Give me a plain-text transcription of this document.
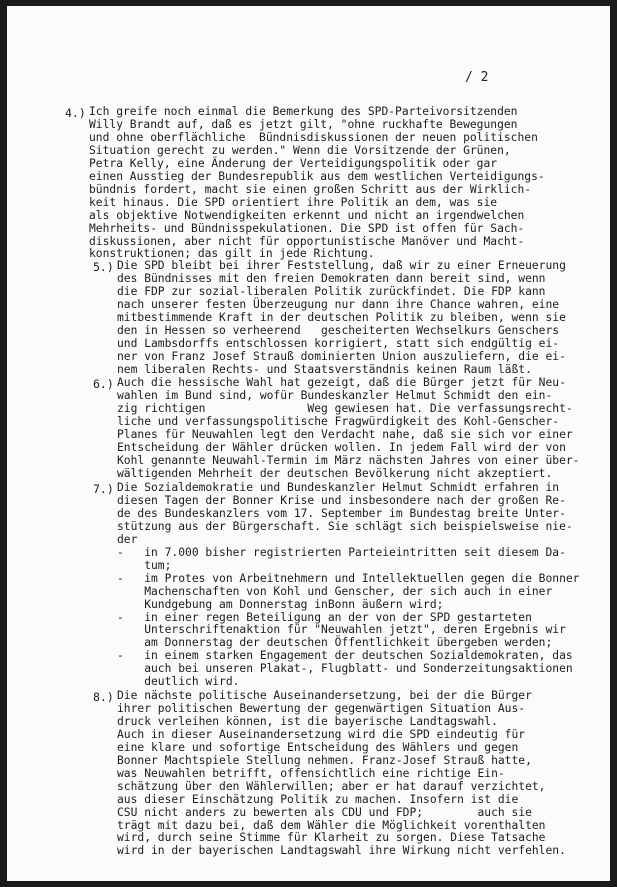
/ 2
4.) Ich greife noch einmal die Bemerkung des SPD-Parteivorsitzenden
Willy Brandt auf, daß es jetzt gilt, "ohne ruckhafte Bewegungen
und ohne oberflächliche  Bündnisdiskussionen der neuen politischen
Situation gerecht zu werden." Wenn die Vorsitzende der Grünen,
Petra Kelly, eine Änderung der Verteidigungspolitik oder gar
einen Ausstieg der Bundesrepublik aus dem westlichen Verteidigungs-
bündnis fordert, macht sie einen großen Schritt aus der Wirklich-
keit hinaus. Die SPD orientiert ihre Politik an dem, was sie
als objektive Notwendigkeiten erkennt und nicht an irgendwelchen
Mehrheits- und Bündnisspekulationen. Die SPD ist offen für Sach-
diskussionen, aber nicht für opportunistische Manöver und Macht-
konstruktionen; das gilt in jede Richtung.
5.) Die SPD bleibt bei ihrer Feststellung, daß wir zu einer Erneuerung
des Bündnisses mit den freien Demokraten dann bereit sind, wenn
die FDP zur sozial-liberalen Politik zurückfindet. Die FDP kann
nach unserer festen Überzeugung nur dann ihre Chance wahren, eine
mitbestimmende Kraft in der deutschen Politik zu bleiben, wenn sie
den in Hessen so verheerend   gescheiterten Wechselkurs Genschers
und Lambsdorffs entschlossen korrigiert, statt sich endgültig ei-
ner von Franz Josef Strauß dominierten Union auszuliefern, die ei-
nem liberalen Rechts- und Staatsverständnis keinen Raum läßt.
6.) Auch die hessische Wahl hat gezeigt, daß die Bürger jetzt für Neu-
wahlen im Bund sind, wofür Bundeskanzler Helmut Schmidt den ein-
zig richtigen               Weg gewiesen hat. Die verfassungsrecht-
liche und verfassungspolitische Fragwürdigkeit des Kohl-Genscher-
Planes für Neuwahlen legt den Verdacht nahe, daß sie sich vor einer
Entscheidung der Wähler drücken wollen. In jedem Fall wird der von
Kohl genannte Neuwahl-Termin im März nächsten Jahres von einer über-
wältigenden Mehrheit der deutschen Bevölkerung nicht akzeptiert.
7.) Die Sozialdemokratie und Bundeskanzler Helmut Schmidt erfahren in
diesen Tagen der Bonner Krise und insbesondere nach der großen Re-
de des Bundeskanzlers vom 17. September im Bundestag breite Unter-
stützung aus der Bürgerschaft. Sie schlägt sich beispielsweise nie-
der
-   in 7.000 bisher registrierten Parteieintritten seit diesem Da-
tum;
-   im Protes von Arbeitnehmern und Intellektuellen gegen die Bonner
Machenschaften von Kohl und Genscher, der sich auch in einer
Kundgebung am Donnerstag inBonn äußern wird;
-   in einer regen Beteiligung an der von der SPD gestarteten
Unterschriftenaktion für "Neuwahlen jetzt", deren Ergebnis wir
am Donnerstag der deutschen Öffentlichkeit übergeben werden;
-   in einem starken Engagement der deutschen Sozialdemokraten, das
auch bei unseren Plakat-, Flugblatt- und Sonderzeitungsaktionen
deutlich wird.
8.) Die nächste politische Auseinandersetzung, bei der die Bürger
ihrer politischen Bewertung der gegenwärtigen Situation Aus-
druck verleihen können, ist die bayerische Landtagswahl.
Auch in dieser Auseinandersetzung wird die SPD eindeutig für
eine klare und sofortige Entscheidung des Wählers und gegen
Bonner Machtspiele Stellung nehmen. Franz-Josef Strauß hatte,
was Neuwahlen betrifft, offensichtlich eine richtige Ein-
schätzung über den Wählerwillen; aber er hat darauf verzichtet,
aus dieser Einschätzung Politik zu machen. Insofern ist die
CSU nicht anders zu bewerten als CDU und FDP;        auch sie
trägt mit dazu bei, daß dem Wähler die Möglichkeit vorenthalten
wird, durch seine Stimme für Klarheit zu sorgen. Diese Tatsache
wird in der bayerischen Landtagswahl ihre Wirkung nicht verfehlen.
